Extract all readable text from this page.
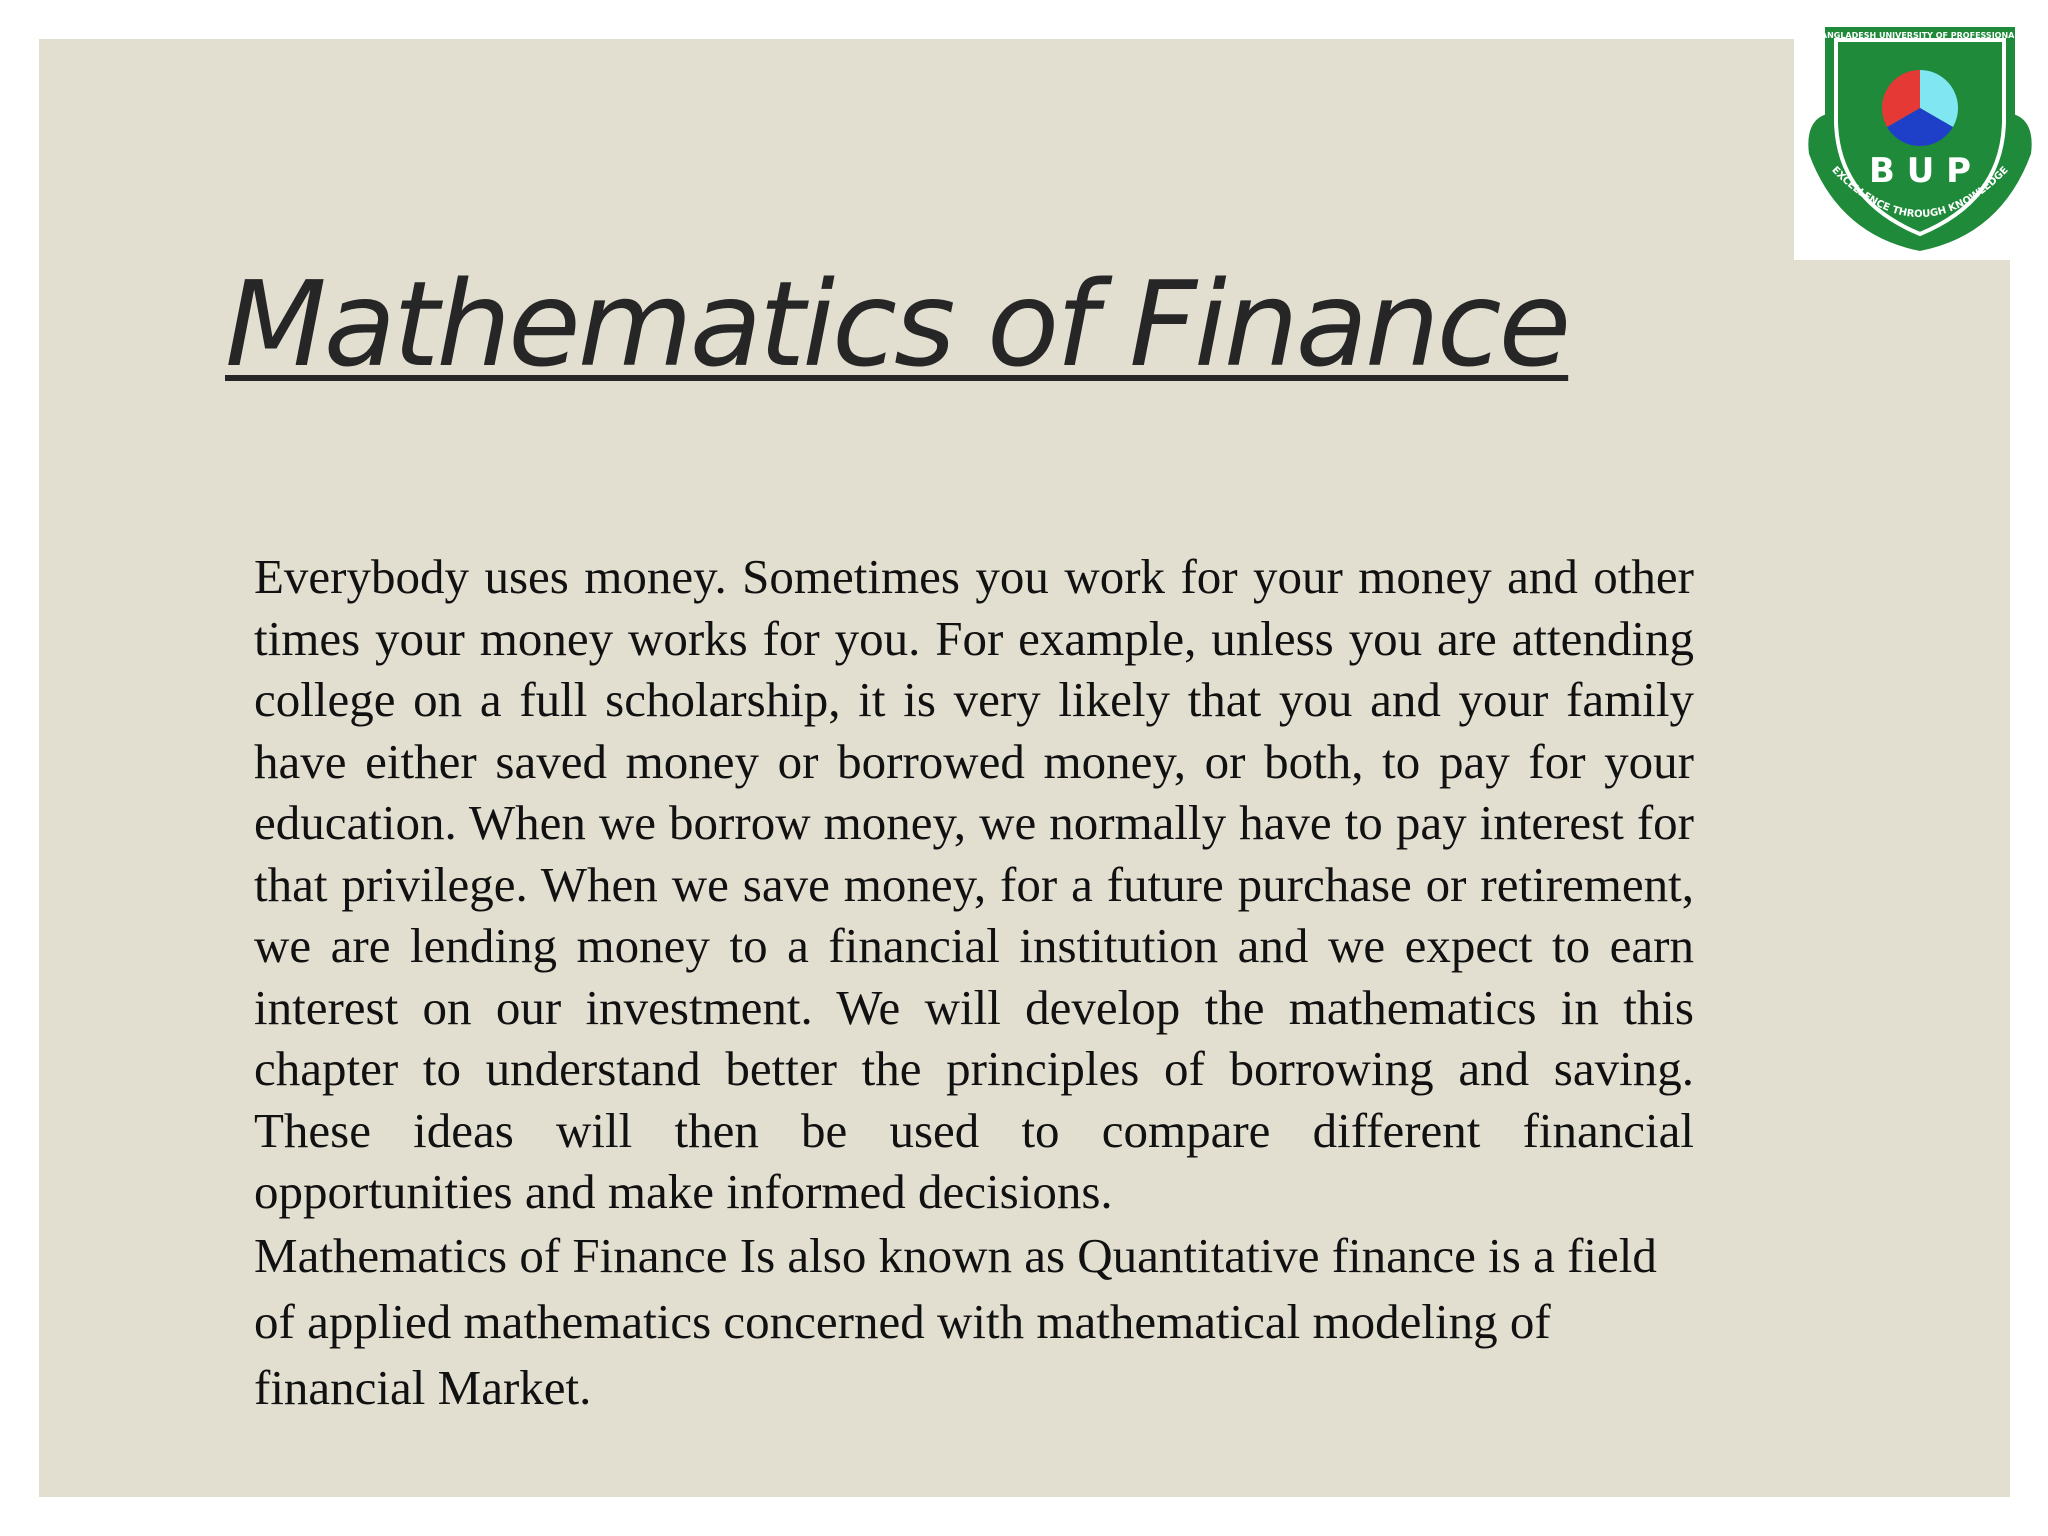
Mathematics of Finance

Everybody uses money. Sometimes you work for your money and other times your money works for you. For example, unless you are attending college on a full scholarship, it is very likely that you and your family have either saved money or borrowed money, or both, to pay for your education. When we borrow money, we normally have to pay interest for that privilege. When we save money, for a future purchase or retirement, we are lending money to a financial institution and we expect to earn interest on our investment. We will develop the mathematics in this chapter to understand better the principles of borrowing and saving. These ideas will then be used to compare different financial opportunities and make informed decisions.

Mathematics of Finance Is also known as Quantitative finance is a field of applied mathematics concerned with mathematical modeling of financial Market.

BANGLADESH UNIVERSITY OF PROFESSIONALS
B U P
EXCELLENCE THROUGH KNOWLEDGE
